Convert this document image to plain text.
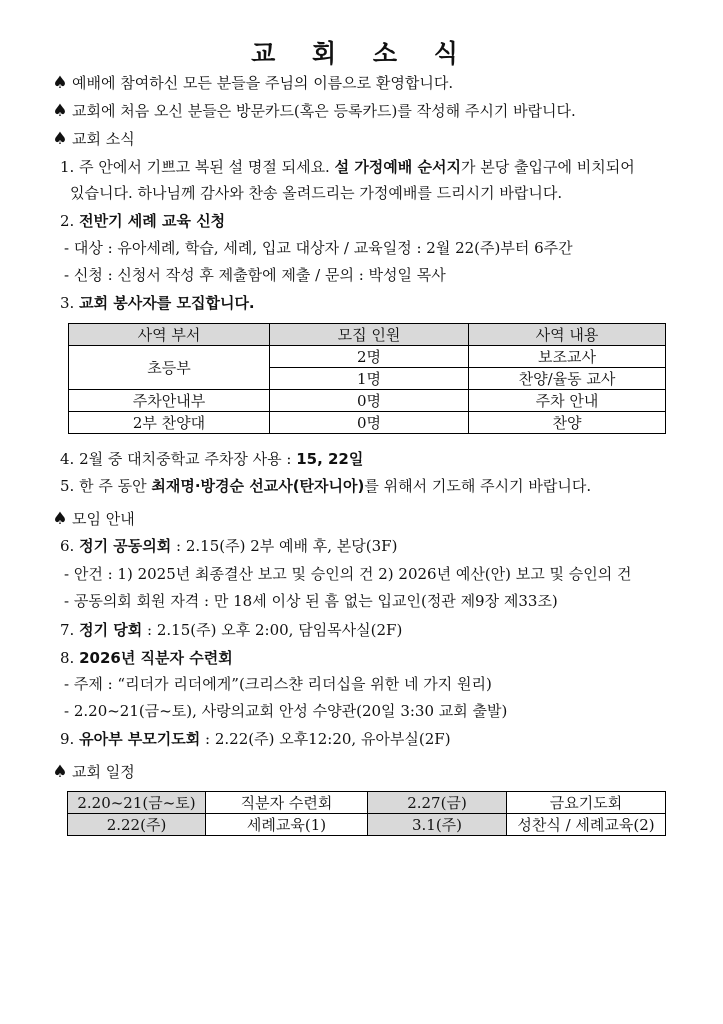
교 회 소 식
♠ 예배에 참여하신 모든 분들을 주님의 이름으로 환영합니다.
♠ 교회에 처음 오신 분들은 방문카드(혹은 등록카드)를 작성해 주시기 바랍니다.
♠ 교회 소식
1. 주 안에서 기쁘고 복된 설 명절 되세요. 설 가정예배 순서지가 본당 출입구에 비치되어
있습니다. 하나님께 감사와 찬송 올려드리는 가정예배를 드리시기 바랍니다.
2. 전반기 세례 교육 신청
- 대상 : 유아세례, 학습, 세례, 입교 대상자 / 교육일정 : 2월 22(주)부터 6주간
- 신청 : 신청서 작성 후 제출함에 제출 / 문의 : 박성일 목사
3. 교회 봉사자를 모집합니다.
사역 부서	모집 인원	사역 내용
초등부	2명	보조교사
	1명	찬양/율동 교사
주차안내부	0명	주차 안내
2부 찬양대	0명	찬양
4. 2월 중 대치중학교 주차장 사용 : 15, 22일
5. 한 주 동안 최재명·방경순 선교사(탄자니아)를 위해서 기도해 주시기 바랍니다.
♠ 모임 안내
6. 정기 공동의회 : 2.15(주) 2부 예배 후, 본당(3F)
- 안건 : 1) 2025년 최종결산 보고 및 승인의 건 2) 2026년 예산(안) 보고 및 승인의 건
- 공동의회 회원 자격 : 만 18세 이상 된 흠 없는 입교인(정관 제9장 제33조)
7. 정기 당회 : 2.15(주) 오후 2:00, 담임목사실(2F)
8. 2026년 직분자 수련회
- 주제 : “리더가 리더에게”(크리스챤 리더십을 위한 네 가지 원리)
- 2.20~21(금~토), 사랑의교회 안성 수양관(20일 3:30 교회 출발)
9. 유아부 부모기도회 : 2.22(주) 오후12:20, 유아부실(2F)
♠ 교회 일정
2.20~21(금~토)	직분자 수련회	2.27(금)	금요기도회
2.22(주)	세례교육(1)	3.1(주)	성찬식 / 세례교육(2)
